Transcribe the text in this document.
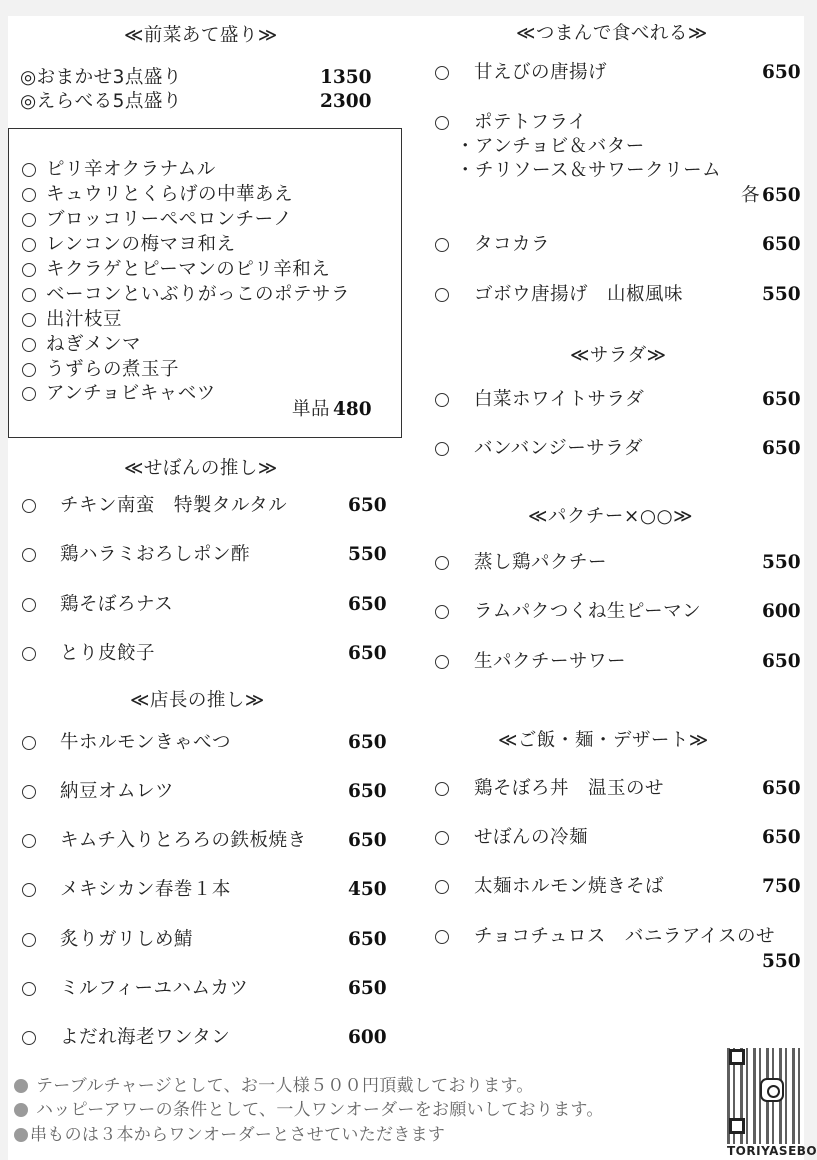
≪前菜あて盛り≫
◎おまかせ3点盛り	1350
◎えらべる5点盛り	2300
ピリ辛オクラナムル
キュウリとくらげの中華あえ
ブロッコリーペペロンチーノ
レンコンの梅マヨ和え
キクラゲとピーマンのピリ辛和え
ベーコンといぶりがっこのポテサラ
出汁枝豆
ねぎメンマ
うずらの煮玉子
アンチョビキャベツ
単品 480
≪せぼんの推し≫
チキン南蛮　特製タルタル	650
鶏ハラミおろしポン酢	550
鶏そぼろナス	650
とり皮餃子	650
≪店長の推し≫
牛ホルモンきゃべつ	650
納豆オムレツ	650
キムチ入りとろろの鉄板焼き 650
メキシカン春巻１本	450
炙りガリしめ鯖	650
ミルフィーユハムカツ	650
よだれ海老ワンタン	600
≪つまんで食べれる≫
甘えびの唐揚げ	650
ポテトフライ
・アンチョビ＆バター
・チリソース＆サワークリーム
各 650
タコカラ	650
ゴボウ唐揚げ　山椒風味	550
≪サラダ≫
白菜ホワイトサラダ	650
バンバンジーサラダ	650
≪パクチー×○○≫
蒸し鶏パクチー	550
ラムパクつくね生ピーマン	600
生パクチーサワー	650
≪ご飯・麺・デザート≫
鶏そぼろ丼　温玉のせ	650
せぼんの冷麺	650
太麺ホルモン焼きそば	750
チョコチュロス　バニラアイスのせ
550
テーブルチャージとして、お一人様５００円頂戴しております。
ハッピーアワーの条件として、一人ワンオーダーをお願いしております。
串ものは３本からワンオーダーとさせていただきます
TORIYASEBO
